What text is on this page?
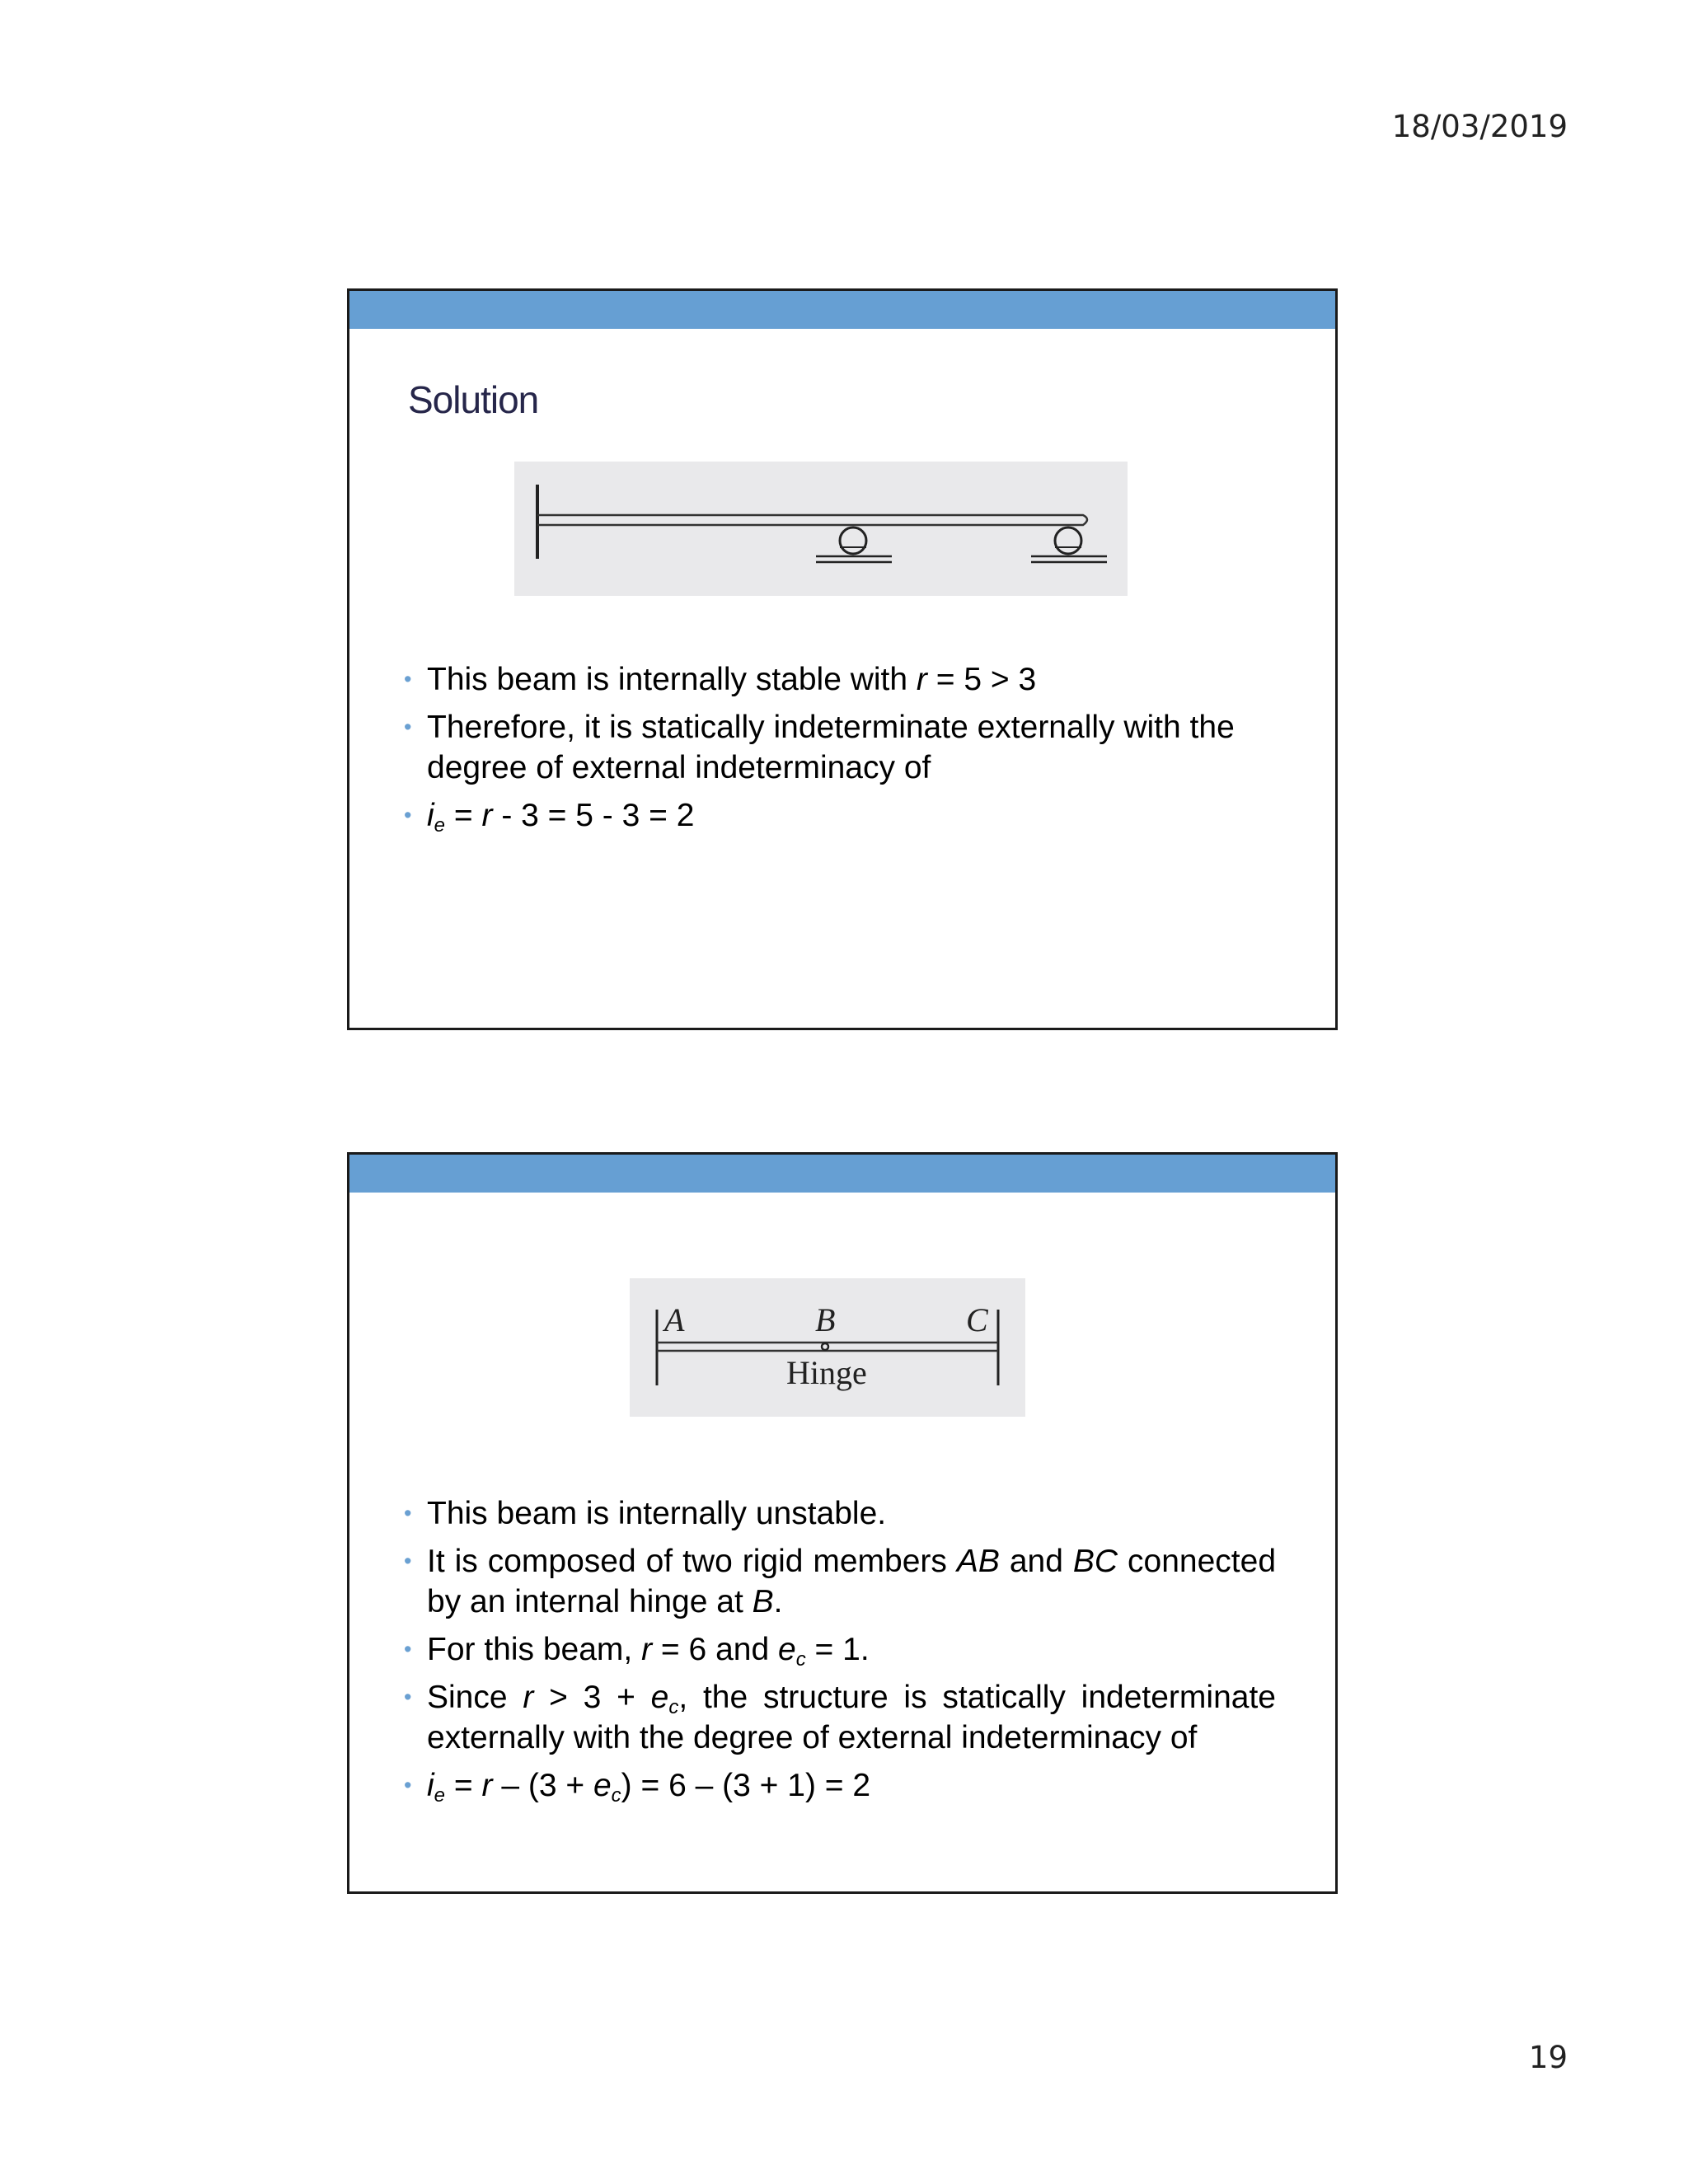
18/03/2019
Solution
• This beam is internally stable with r = 5 > 3
• Therefore, it is statically indeterminate externally with the degree of external indeterminacy of
• $i_e = r - 3 = 5 - 3 = 2$
A	B	C
Hinge
• This beam is internally unstable.
• It is composed of two rigid members AB and BC connected by an internal hinge at B.
• For this beam, r = 6 and $e_c = 1$.
• Since $r > 3 + e_c$, the structure is statically indeterminate externally with the degree of external indeterminacy of
• $i_e = r - (3 + e_c) = 6 - (3 + 1) = 2$
19
